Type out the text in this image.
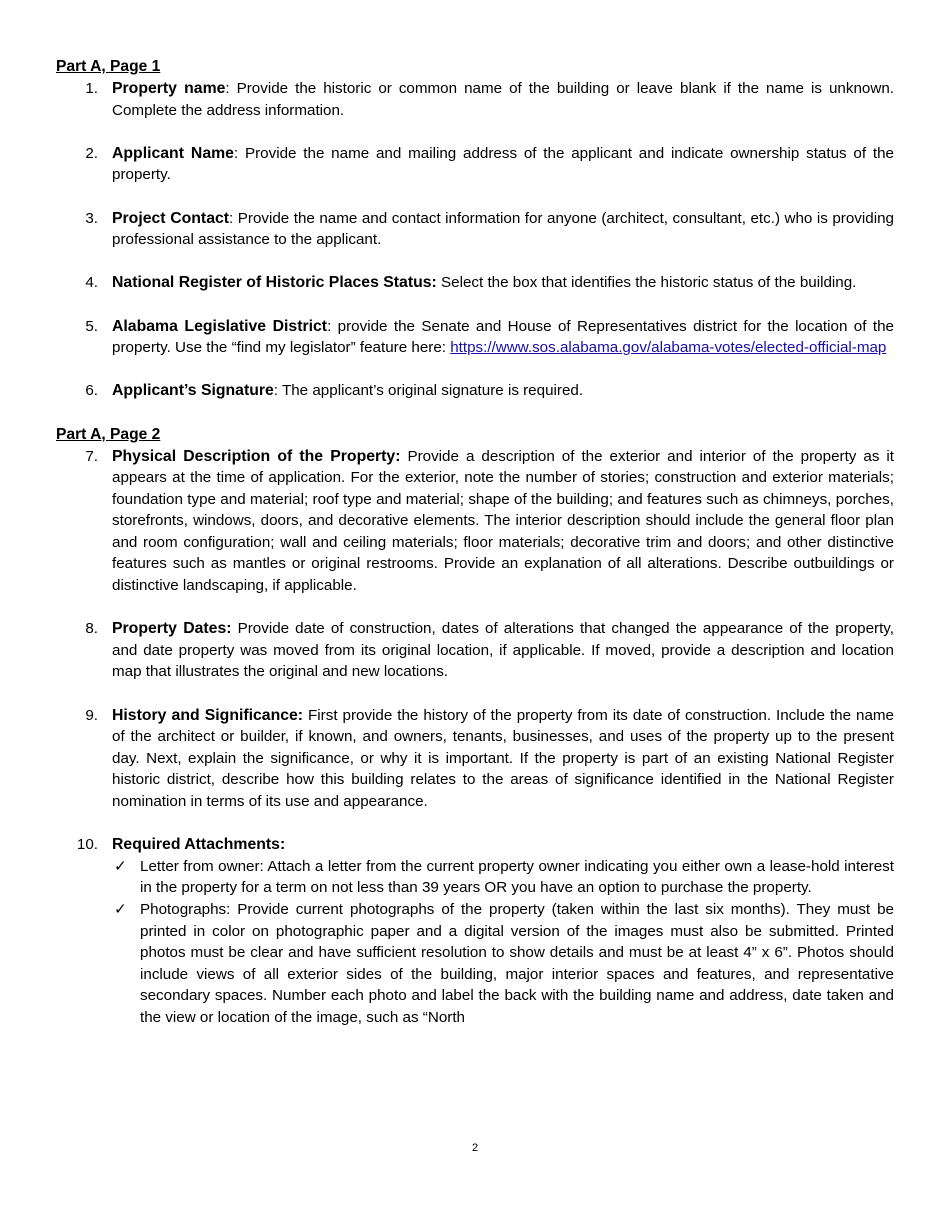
Part A, Page 1

1. Property name: Provide the historic or common name of the building or leave blank if the name is unknown. Complete the address information.
2. Applicant Name: Provide the name and mailing address of the applicant and indicate ownership status of the property.
3. Project Contact: Provide the name and contact information for anyone (architect, consultant, etc.) who is providing professional assistance to the applicant.
4. National Register of Historic Places Status: Select the box that identifies the historic status of the building.
5. Alabama Legislative District: provide the Senate and House of Representatives district for the location of the property. Use the “find my legislator” feature here: https://www.sos.alabama.gov/alabama-votes/elected-official-map
6. Applicant’s Signature: The applicant’s original signature is required.

Part A, Page 2

7. Physical Description of the Property: Provide a description of the exterior and interior of the property as it appears at the time of application. For the exterior, note the number of stories; construction and exterior materials; foundation type and material; roof type and material; shape of the building; and features such as chimneys, porches, storefronts, windows, doors, and decorative elements. The interior description should include the general floor plan and room configuration; wall and ceiling materials; floor materials; decorative trim and doors; and other distinctive features such as mantles or original restrooms. Provide an explanation of all alterations. Describe outbuildings or distinctive landscaping, if applicable.
8. Property Dates: Provide date of construction, dates of alterations that changed the appearance of the property, and date property was moved from its original location, if applicable. If moved, provide a description and location map that illustrates the original and new locations.
9. History and Significance: First provide the history of the property from its date of construction. Include the name of the architect or builder, if known, and owners, tenants, businesses, and uses of the property up to the present day. Next, explain the significance, or why it is important. If the property is part of an existing National Register historic district, describe how this building relates to the areas of significance identified in the National Register nomination in terms of its use and appearance.
10. Required Attachments:
✓ Letter from owner: Attach a letter from the current property owner indicating you either own a lease-hold interest in the property for a term on not less than 39 years OR you have an option to purchase the property.
✓ Photographs: Provide current photographs of the property (taken within the last six months). They must be printed in color on photographic paper and a digital version of the images must also be submitted. Printed photos must be clear and have sufficient resolution to show details and must be at least 4” x 6”. Photos should include views of all exterior sides of the building, major interior spaces and features, and representative secondary spaces. Number each photo and label the back with the building name and address, date taken and the view or location of the image, such as “North
2
